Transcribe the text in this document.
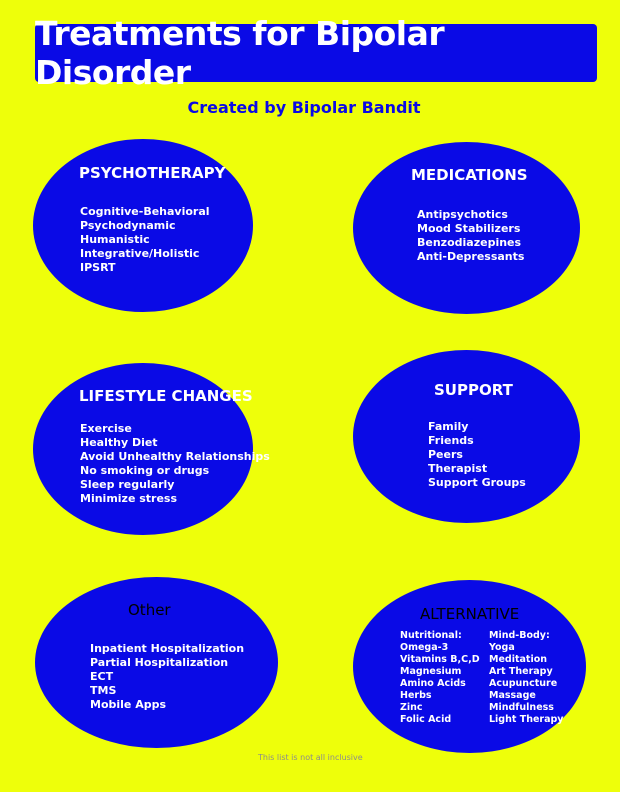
Treatments for Bipolar Disorder
Created by Bipolar Bandit
PSYCHOTHERAPY
Cognitive-Behavioral
Psychodynamic
Humanistic
Integrative/Holistic
IPSRT
MEDICATIONS
Antipsychotics
Mood Stabilizers
Benzodiazepines
Anti-Depressants
LIFESTYLE CHANGES
Exercise
Healthy Diet
Avoid Unhealthy Relationships
No smoking or drugs
Sleep regularly
Minimize stress
SUPPORT
Family
Friends
Peers
Therapist
Support Groups
Other
Inpatient Hospitalization
Partial Hospitalization
ECT
TMS
Mobile Apps
ALTERNATIVE
Nutritional:
Omega-3
Vitamins B,C,D
Magnesium
Amino Acids
Herbs
Zinc
Folic Acid
Mind-Body:
Yoga
Meditation
Art Therapy
Acupuncture
Massage
Mindfulness
Light Therapy
This list is not all inclusive
